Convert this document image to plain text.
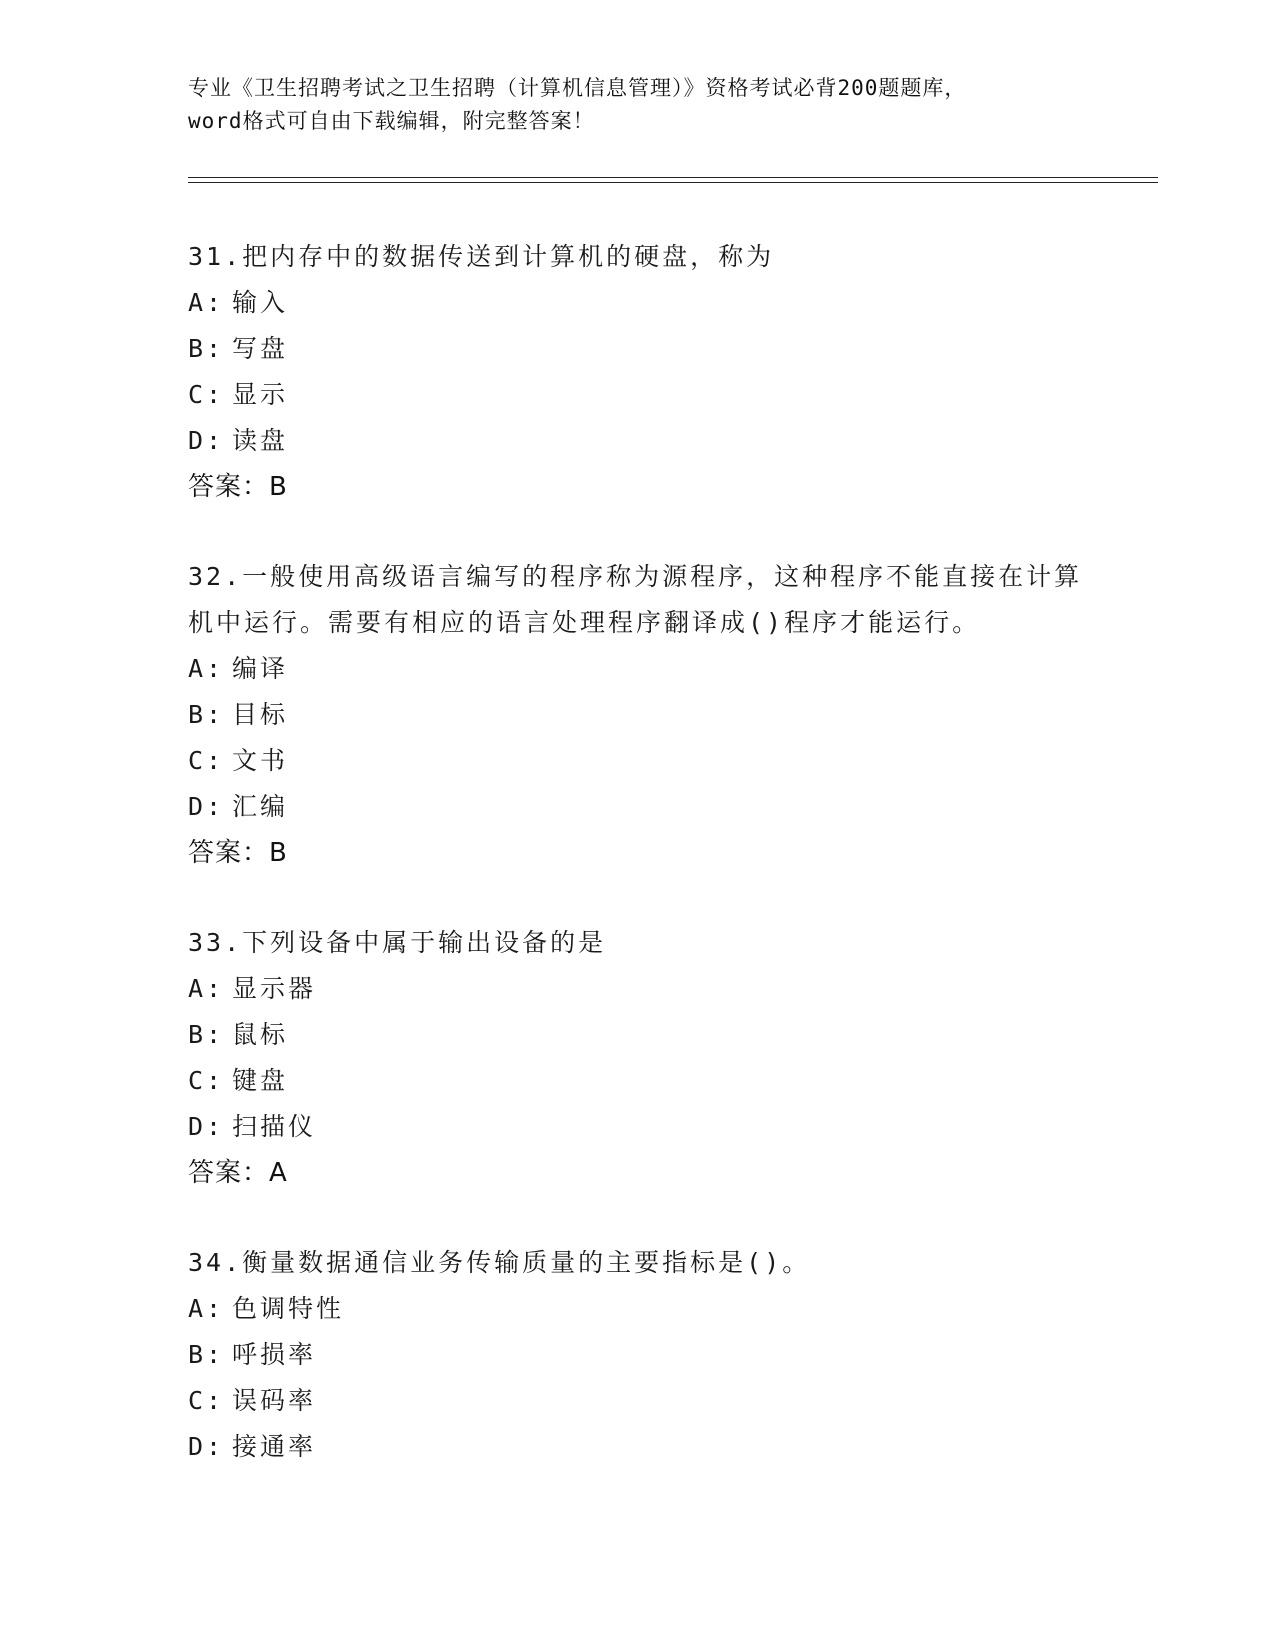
专业《卫生招聘考试之卫生招聘（计算机信息管理）》资格考试必背200题题库，
word格式可自由下载编辑，附完整答案！
31.把内存中的数据传送到计算机的硬盘，称为
A: 输入
B: 写盘
C: 显示
D: 读盘
答案：B
32.一般使用高级语言编写的程序称为源程序，这种程序不能直接在计算机中运行。需要有相应的语言处理程序翻译成()程序才能运行。
A: 编译
B: 目标
C: 文书
D: 汇编
答案：B
33.下列设备中属于输出设备的是
A: 显示器
B: 鼠标
C: 键盘
D: 扫描仪
答案：A
34.衡量数据通信业务传输质量的主要指标是()。
A: 色调特性
B: 呼损率
C: 误码率
D: 接通率
